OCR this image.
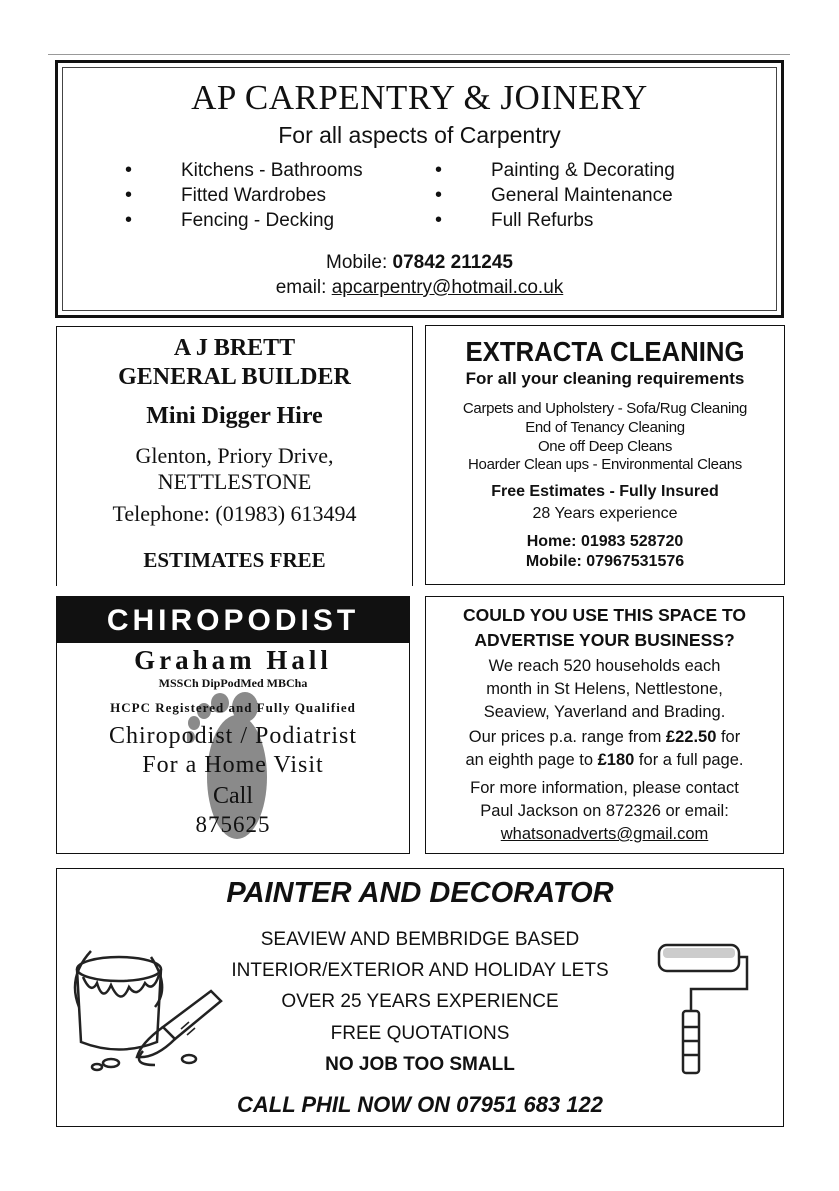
AP CARPENTRY & JOINERY
For all aspects of Carpentry
• Kitchens - Bathrooms
• Fitted Wardrobes
• Fencing - Decking
• Painting & Decorating
• General Maintenance
• Full Refurbs
Mobile: 07842 211245
email: apcarpentry@hotmail.co.uk
A J BRETT
GENERAL BUILDER
Mini Digger Hire
Glenton, Priory Drive,
NETTLESTONE
Telephone: (01983) 613494
ESTIMATES FREE
EXTRACTA CLEANING
For all your cleaning requirements
Carpets and Upholstery - Sofa/Rug Cleaning
End of Tenancy Cleaning
One off Deep Cleans
Hoarder Clean ups - Environmental Cleans
Free Estimates - Fully Insured
28 Years experience
Home: 01983 528720
Mobile: 07967531576
CHIROPODIST
Graham Hall
MSSCh DipPodMed MBCha
HCPC Registered and Fully Qualified
Chiropodist / Podiatrist
For a Home Visit
Call
875625
COULD YOU USE THIS SPACE TO
ADVERTISE YOUR BUSINESS?
We reach 520 households each
month in St Helens, Nettlestone,
Seaview, Yaverland and Brading.
Our prices p.a. range from £22.50 for
an eighth page to £180 for a full page.
For more information, please contact
Paul Jackson on 872326 or email:
whatsonadverts@gmail.com
PAINTER AND DECORATOR
SEAVIEW AND BEMBRIDGE BASED
INTERIOR/EXTERIOR AND HOLIDAY LETS
OVER 25 YEARS EXPERIENCE
FREE QUOTATIONS
NO JOB TOO SMALL
CALL PHIL NOW ON 07951 683 122
